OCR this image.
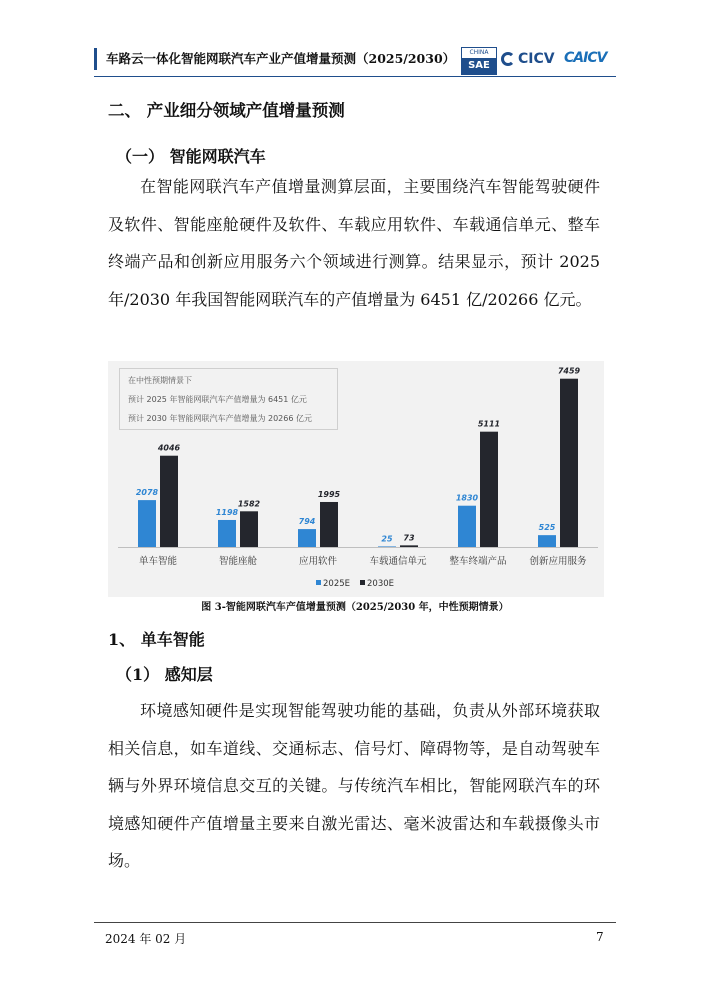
车路云一体化智能网联汽车产业产值增量预测（2025/2030）	CHINA
SAE	CICV CAICV
二、 产业细分领域产值增量预测
（一） 智能网联汽车

在智能网联汽车产值增量测算层面，主要围绕汽车智能驾驶硬件及软件、智能座舱硬件及软件、车载应用软件、车载通信单元、整车终端产品和创新应用服务六个领域进行测算。结果显示，预计 2025 年/2030 年我国智能网联汽车的产值增量为 6451 亿/20266 亿元。

2078
4046
单车智能
1198
1582
智能座舱
794
1995
应用软件
25 73
车载通信单元
1830
5111
整车终端产品
525
7459
创新应用服务
2025E 2030E
在中性预期情景下
预计 2025 年智能网联汽车产值增量为 6451 亿元
预计 2030 年智能网联汽车产值增量为 20266 亿元
图 3-智能网联汽车产值增量预测（2025/2030 年，中性预期情景）
1、 单车智能
（1） 感知层

环境感知硬件是实现智能驾驶功能的基础，负责从外部环境获取相关信息，如车道线、交通标志、信号灯、障碍物等，是自动驾驶车辆与外界环境信息交互的关键。与传统汽车相比，智能网联汽车的环境感知硬件产值增量主要来自激光雷达、毫米波雷达和车载摄像头市场。

2024 年 02 月	7
